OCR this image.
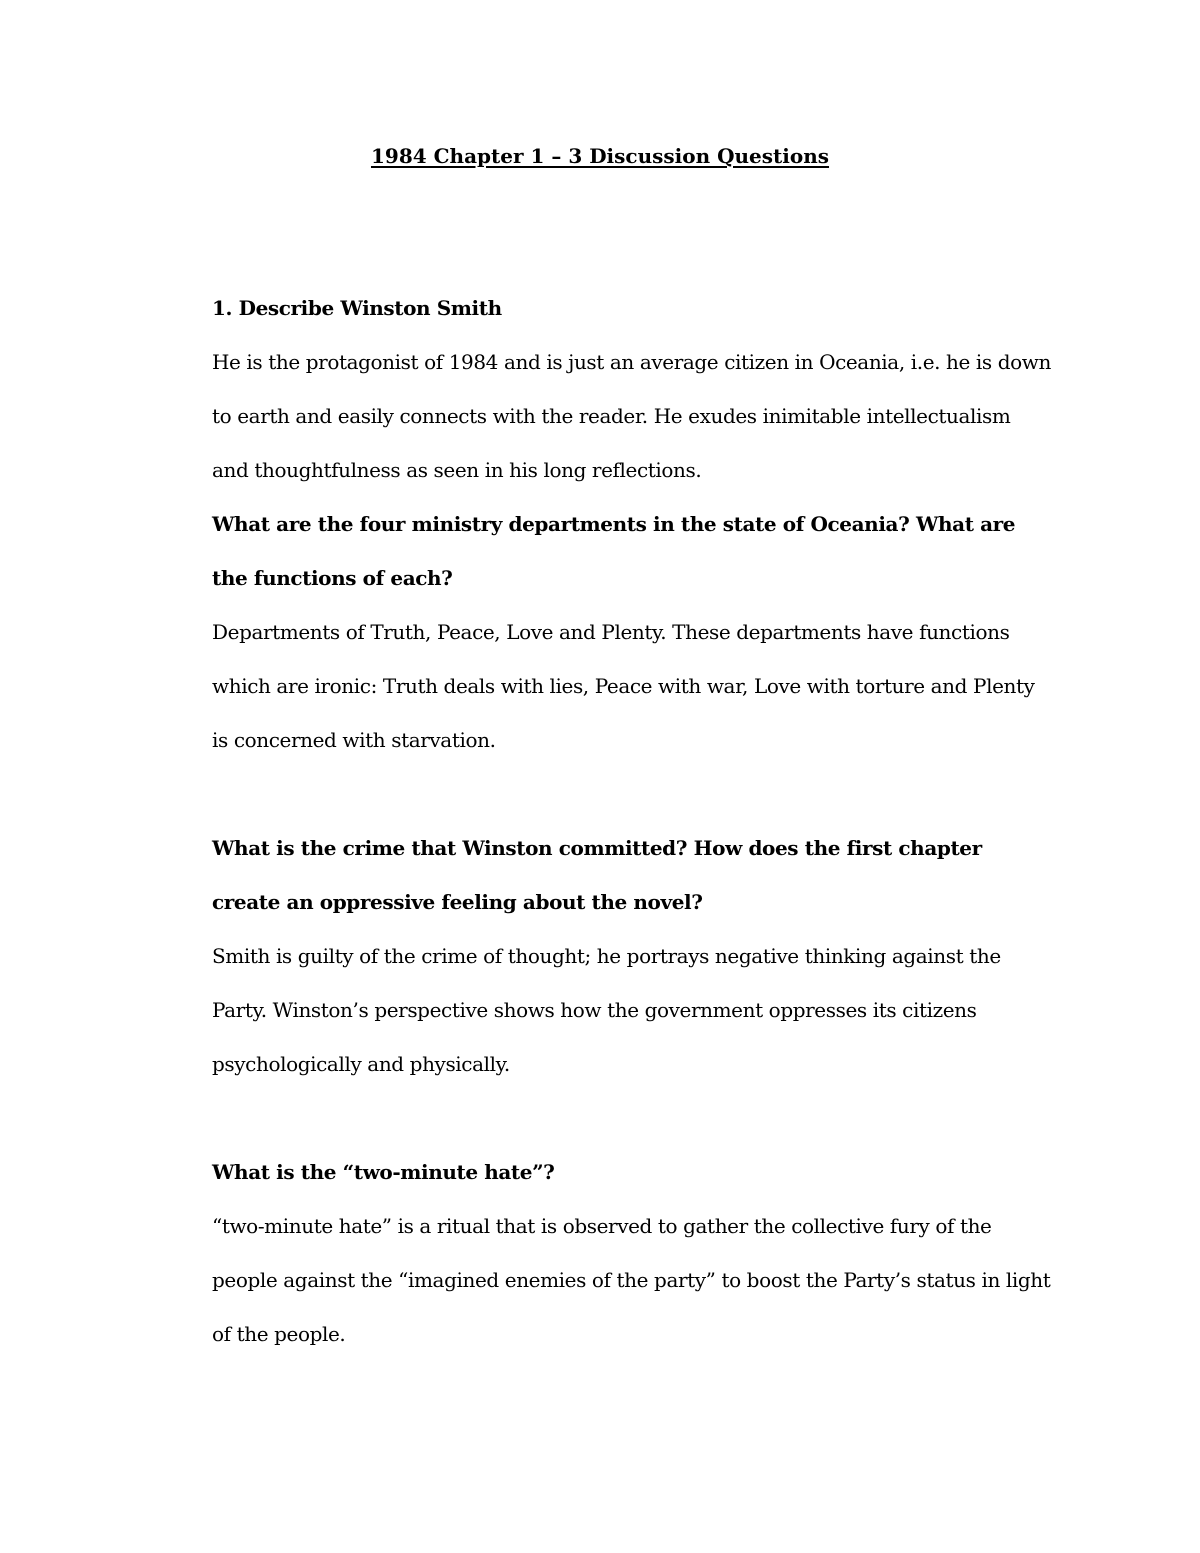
1984 Chapter 1 – 3 Discussion Questions

1. Describe Winston Smith

He is the protagonist of 1984 and is just an average citizen in Oceania, i.e. he is down to earth and easily connects with the reader. He exudes inimitable intellectualism and thoughtfulness as seen in his long reflections.

What are the four ministry departments in the state of Oceania? What are the functions of each?

Departments of Truth, Peace, Love and Plenty. These departments have functions which are ironic: Truth deals with lies, Peace with war, Love with torture and Plenty is concerned with starvation.

What is the crime that Winston committed? How does the first chapter create an oppressive feeling about the novel?

Smith is guilty of the crime of thought; he portrays negative thinking against the Party. Winston’s perspective shows how the government oppresses its citizens psychologically and physically.

What is the “two-minute hate”?

“two-minute hate” is a ritual that is observed to gather the collective fury of the people against the “imagined enemies of the party” to boost the Party’s status in light of the people.
